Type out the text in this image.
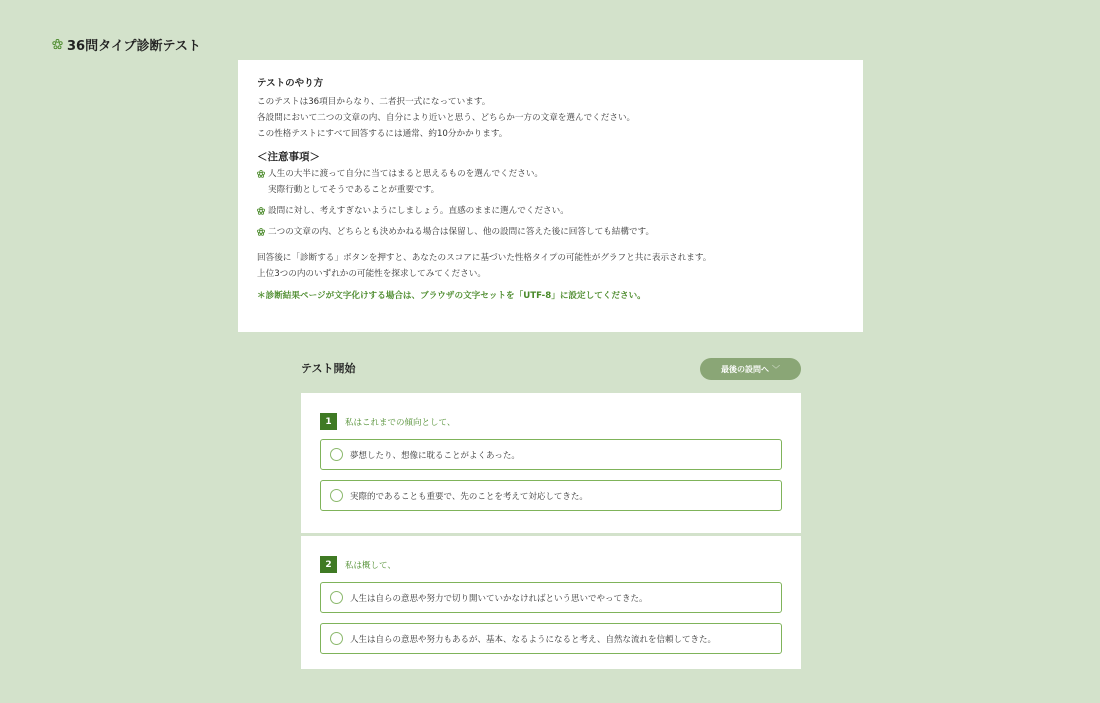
36問タイプ診断テスト
テストのやり方

このテストは36項目からなり、二者択一式になっています。

各設問において二つの文章の内、自分により近いと思う、どちらか一方の文章を選んでください。

この性格テストにすべて回答するには通常、約10分かかります。

＜注意事項＞
人生の大半に渡って自分に当てはまると思えるものを選んでください。
実際行動としてそうであることが重要です。
設問に対し、考えすぎないようにしましょう。直感のままに選んでください。
二つの文章の内、どちらとも決めかねる場合は保留し、他の設問に答えた後に回答しても結構です。

回答後に「診断する」ボタンを押すと、あなたのスコアに基づいた性格タイプの可能性がグラフと共に表示されます。

上位3つの内のいずれかの可能性を探求してみてください。

＊診断結果ページが文字化けする場合は、ブラウザの文字セットを「UTF-8」に設定してください。

テスト開始	最後の設問へ ﹀
1	私はこれまでの傾向として、
夢想したり、想像に耽ることがよくあった。
実際的であることも重要で、先のことを考えて対応してきた。
2	私は概して、
人生は自らの意思や努力で切り開いていかなければという思いでやってきた。
人生は自らの意思や努力もあるが、基本、なるようになると考え、自然な流れを信頼してきた。
